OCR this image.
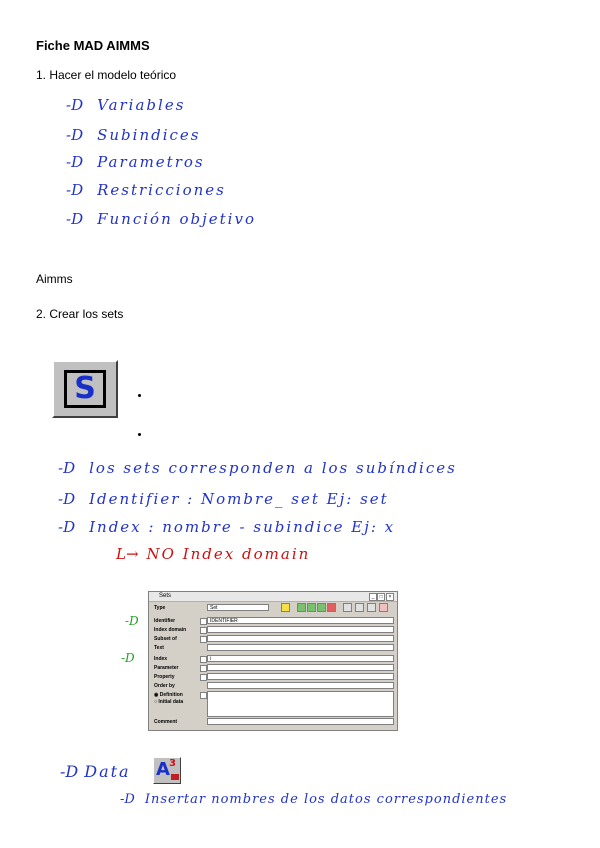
Fiche MAD AIMMS
1. Hacer el modelo teórico
-D Variables
-D Subindices
-D Parametros
-D Restricciones
-D Función objetivo
Aimms
2. Crear los sets
S
-D los sets corresponden a los subíndices
-D Identifier : Nombre_ set Ej: set
-D Index : nombre - subindice Ej: x
L→ NO Index domain
-D
-D
Sets	_	□	×
Type	Set
Identifier	IDENTIFIER
Index domain
Subset of
Text
Index	i
Parameter
Property
Order by
◉ Definition
○ Initial data
Comment
-D Data A 3
-D Insertar nombres de los datos correspondientes
